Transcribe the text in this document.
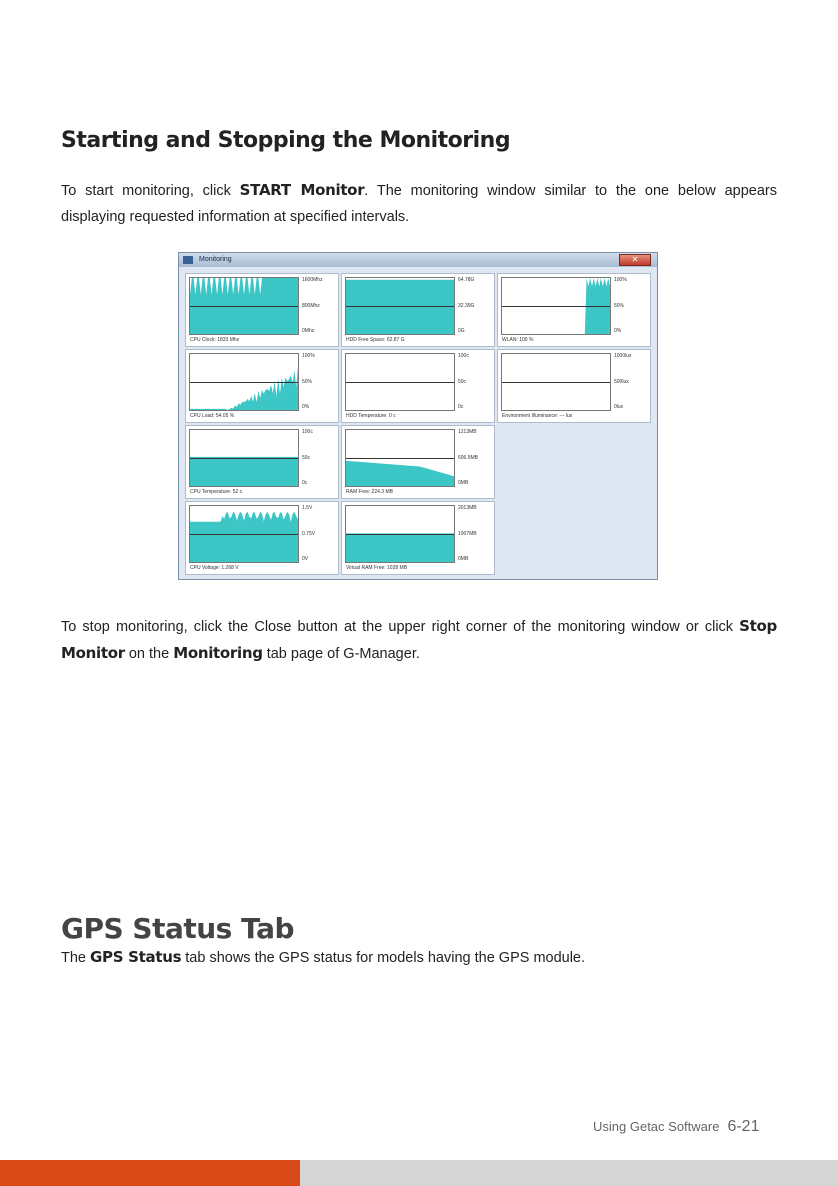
Starting and Stopping the Monitoring

To start monitoring, click START Monitor. The monitoring window similar to the one below appears displaying requested information at specified intervals.

Monitoring	✕
1600Mhz
800Mhz
0Mhz
CPU Clock: 1833 Mhz
64.78G
32.39G
0G
HDD Free Space: 62.87 G
100%
50%
0%
WLAN: 100 %
100%
50%
0%
CPU Load: 54.05 %
100c
50c
0c
HDD Temperature: 0 c
1000lux
500lux
0lux
Environment Illuminance: --- lux
100c
50c
0c
CPU Temperature: 52 c
1213MB
606.5MB
0MB
RAM Free: 224.3 MB
1.5V
0.75V
0V
CPU Voltage: 1.268 V
2013MB
1007MB
0MB
Virtual RAM Free: 1028 MB

To stop monitoring, click the Close button at the upper right corner of the monitoring window or click Stop Monitor on the Monitoring tab page of G-Manager.

GPS Status Tab

The GPS Status tab shows the GPS status for models having the GPS module.

Using Getac Software 6-21
